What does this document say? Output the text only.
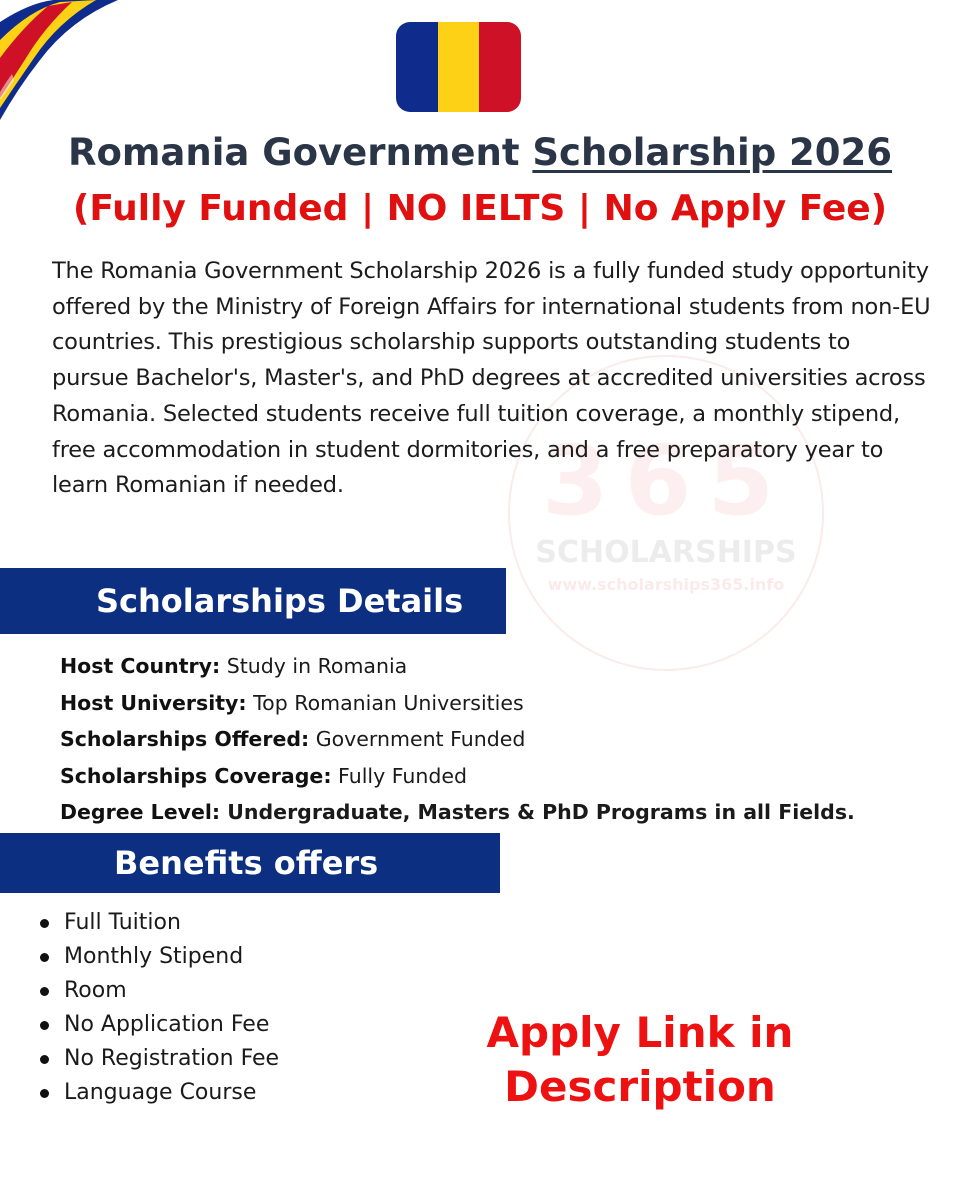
Romania Government Scholarship 2026
(Fully Funded | NO IELTS | No Apply Fee)
365
SCHOLARSHIPS
www.scholarships365.info

The Romania Government Scholarship 2026 is a fully funded study opportunity offered by the Ministry of Foreign Affairs for international students from non-EU countries. This prestigious scholarship supports outstanding students to pursue Bachelor's, Master's, and PhD degrees at accredited universities across Romania. Selected students receive full tuition coverage, a monthly stipend, free accommodation in student dormitories, and a free preparatory year to learn Romanian if needed.

Scholarships Details
Host Country: Study in Romania
Host University: Top Romanian Universities
Scholarships Offered: Government Funded
Scholarships Coverage: Fully Funded
Degree Level: Undergraduate, Masters & PhD Programs in all Fields.
Benefits offers
Full Tuition
Monthly Stipend
Room
No Application Fee
No Registration Fee
Language Course
Apply Link in
Description
